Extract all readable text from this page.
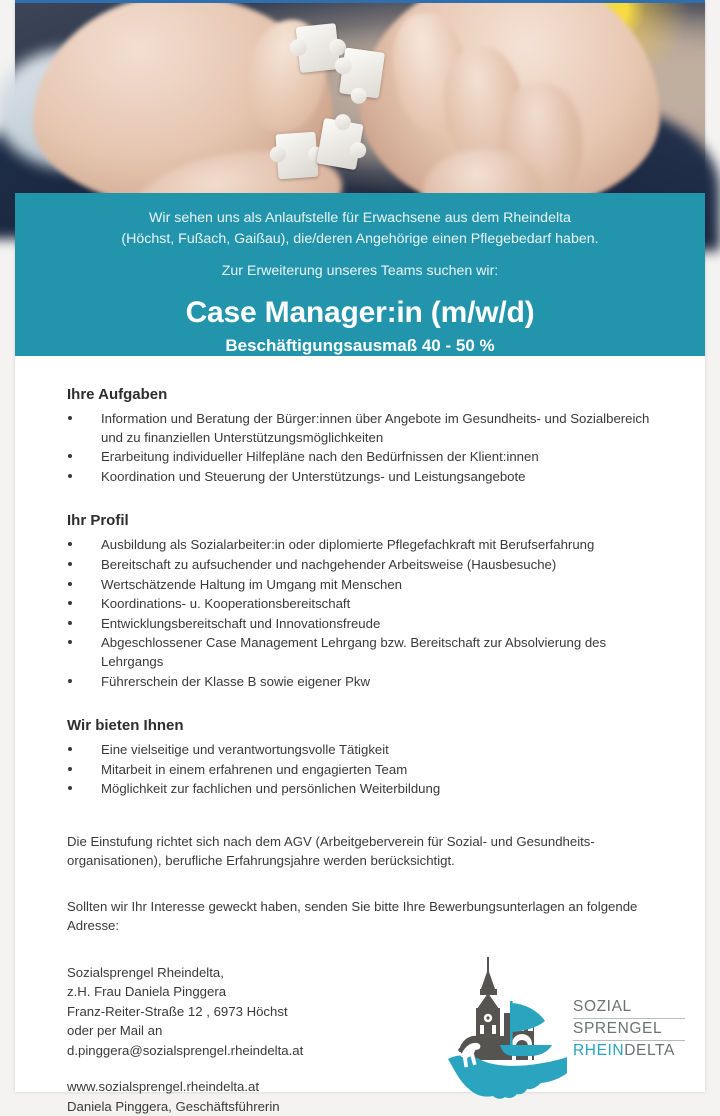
Wir sehen uns als Anlaufstelle für Erwachsene aus dem Rheindelta
(Höchst, Fußach, Gaißau), die/deren Angehörige einen Pflegebedarf haben.
Zur Erweiterung unseres Teams suchen wir:
Case Manager:in (m/w/d)
Beschäftigungsausmaß 40 - 50 %
Ihre Aufgaben
Information und Beratung der Bürger:innen über Angebote im Gesundheits- und Sozialbereich und zu finanziellen Unterstützungsmöglichkeiten
Erarbeitung individueller Hilfepläne nach den Bedürfnissen der Klient:innen
Koordination und Steuerung der Unterstützungs- und Leistungsangebote
Ihr Profil
Ausbildung als Sozialarbeiter:in oder diplomierte Pflegefachkraft mit Berufserfahrung
Bereitschaft zu aufsuchender und nachgehender Arbeitsweise (Hausbesuche)
Wertschätzende Haltung im Umgang mit Menschen
Koordinations- u. Kooperationsbereitschaft
Entwicklungsbereitschaft und Innovationsfreude
Abgeschlossener Case Management Lehrgang bzw. Bereitschaft zur Absolvierung des Lehrgangs
Führerschein der Klasse B sowie eigener Pkw
Wir bieten Ihnen
Eine vielseitige und verantwortungsvolle Tätigkeit
Mitarbeit in einem erfahrenen und engagierten Team
Möglichkeit zur fachlichen und persönlichen Weiterbildung

Die Einstufung richtet sich nach dem AGV (Arbeitgeberverein für Sozial- und Gesundheits-organisationen), berufliche Erfahrungsjahre werden berücksichtigt.

Sollten wir Ihr Interesse geweckt haben, senden Sie bitte Ihre Bewerbungsunterlagen an folgende Adresse:

Sozialsprengel Rheindelta,
z.H. Frau Daniela Pinggera
Franz-Reiter-Straße 12 , 6973 Höchst
oder per Mail an
d.pinggera@sozialsprengel.rheindelta.at
www.sozialsprengel.rheindelta.at
Daniela Pinggera, Geschäftsführerin
SOZIAL
SPRENGEL
RHEINDELTA
